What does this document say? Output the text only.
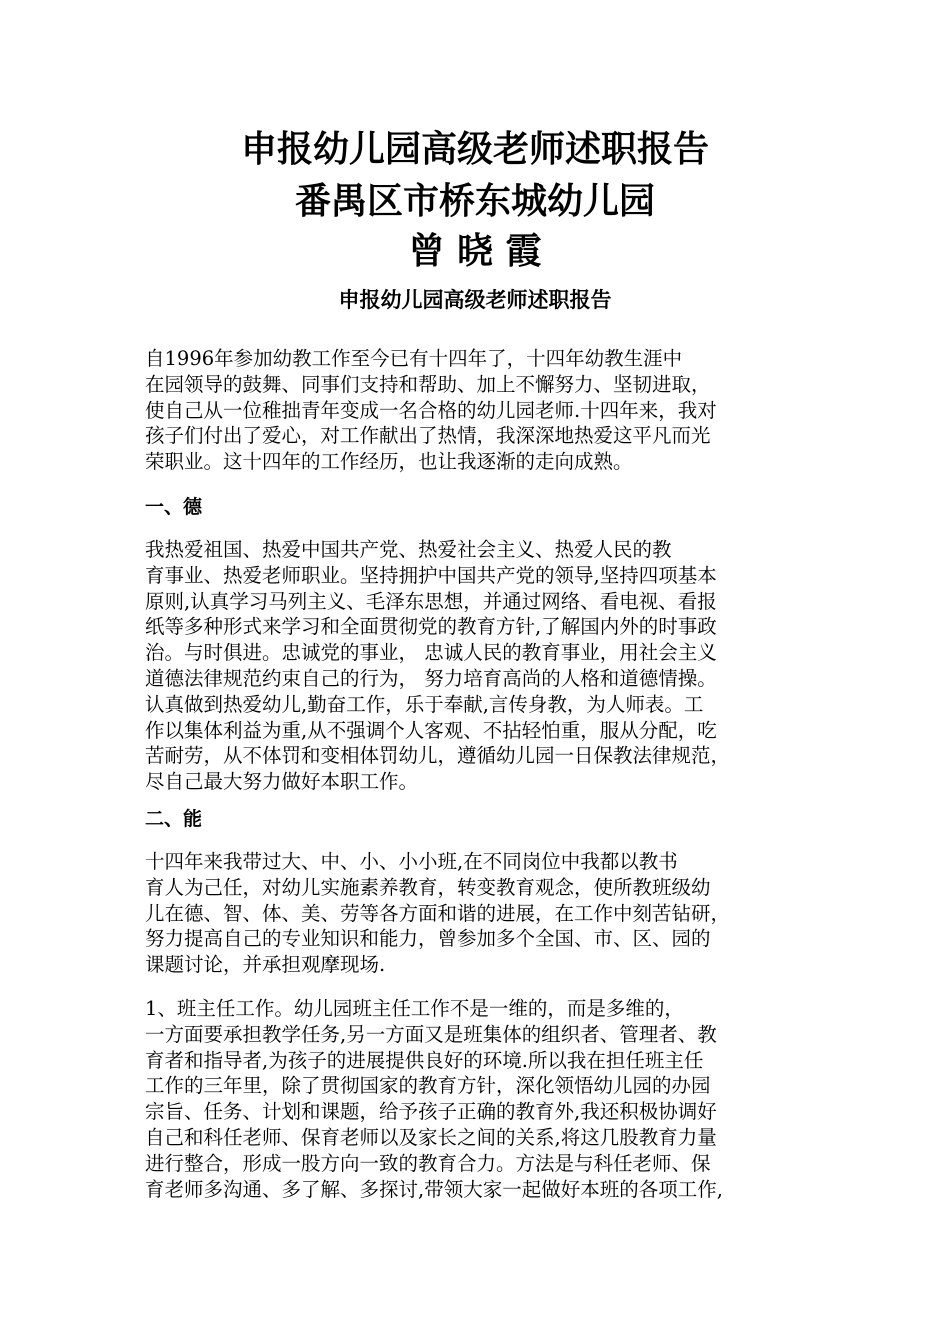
申报幼儿园高级老师述职报告
番禺区市桥东城幼儿园
曾 晓 霞
申报幼儿园高级老师述职报告
自1996年参加幼教工作至今已有十四年了，十四年幼教生涯中
在园领导的鼓舞、同事们支持和帮助、加上不懈努力、坚韧进取，
使自己从一位稚拙青年变成一名合格的幼儿园老师.十四年来，我对
孩子们付出了爱心，对工作献出了热情，我深深地热爱这平凡而光
荣职业。这十四年的工作经历，也让我逐渐的走向成熟。
一、德
我热爱祖国、热爱中国共产党、热爱社会主义、热爱人民的教
育事业、热爱老师职业。坚持拥护中国共产党的领导,坚持四项基本
原则,认真学习马列主义、毛泽东思想，并通过网络、看电视、看报
纸等多种形式来学习和全面贯彻党的教育方针,了解国内外的时事政
治。与时俱进。忠诚党的事业， 忠诚人民的教育事业，用社会主义
道德法律规范约束自己的行为， 努力培育高尚的人格和道德情操。
认真做到热爱幼儿,勤奋工作，乐于奉献,言传身教，为人师表。工
作以集体利益为重,从不强调个人客观、不拈轻怕重，服从分配，吃
苦耐劳，从不体罚和变相体罚幼儿，遵循幼儿园一日保教法律规范，
尽自己最大努力做好本职工作。
二、能
十四年来我带过大、中、小、小小班,在不同岗位中我都以教书
育人为己任，对幼儿实施素养教育，转变教育观念，使所教班级幼
儿在德、智、体、美、劳等各方面和谐的进展，在工作中刻苦钻研，
努力提高自己的专业知识和能力，曾参加多个全国、市、区、园的
课题讨论，并承担观摩现场.
1、班主任工作。幼儿园班主任工作不是一维的，而是多维的，
一方面要承担教学任务,另一方面又是班集体的组织者、管理者、教
育者和指导者,为孩子的进展提供良好的环境.所以我在担任班主任
工作的三年里，除了贯彻国家的教育方针，深化领悟幼儿园的办园
宗旨、任务、计划和课题，给予孩子正确的教育外,我还积极协调好
自己和科任老师、保育老师以及家长之间的关系,将这几股教育力量
进行整合，形成一股方向一致的教育合力。方法是与科任老师、保
育老师多沟通、多了解、多探讨,带领大家一起做好本班的各项工作,
